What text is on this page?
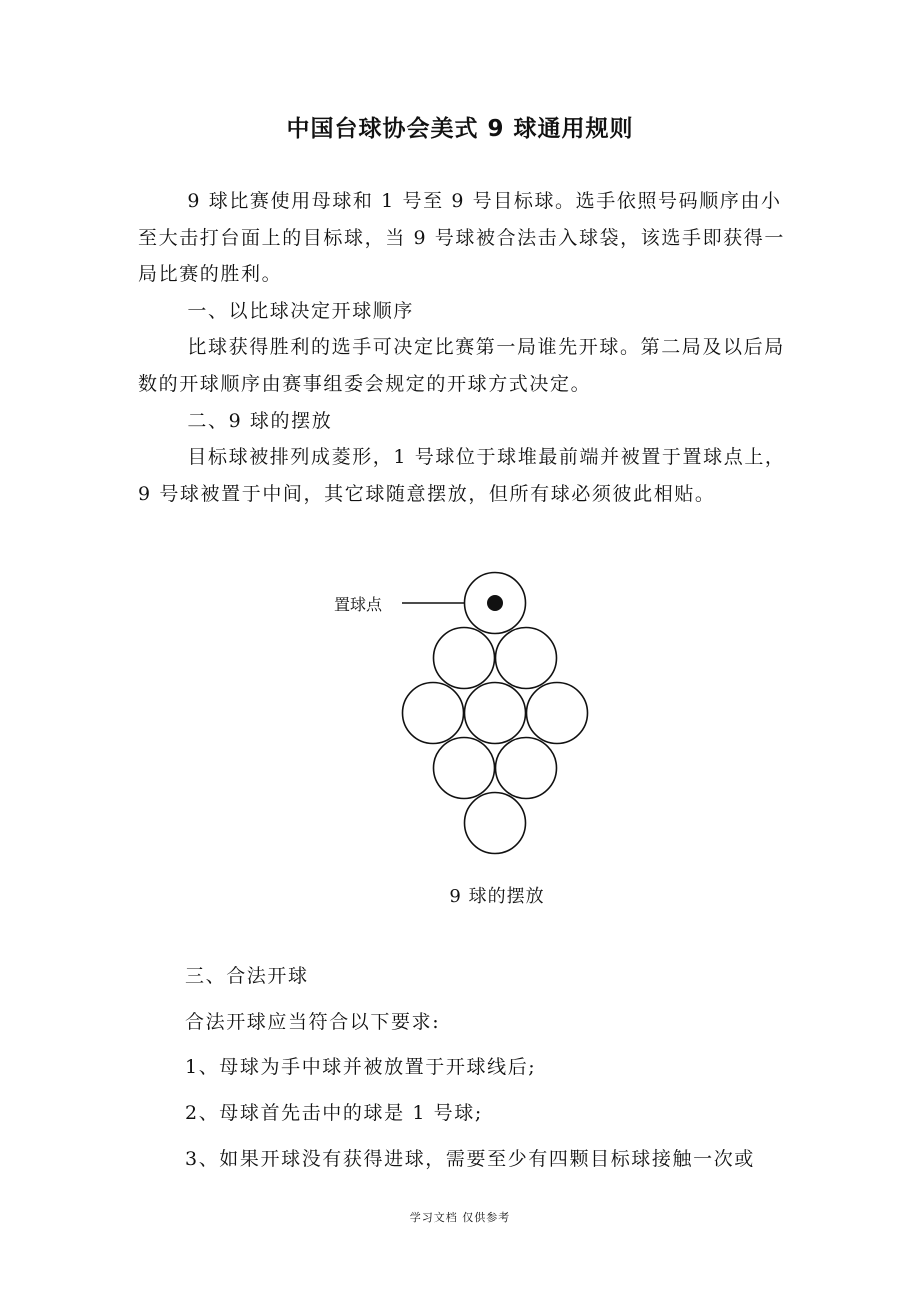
中国台球协会美式 9 球通用规则

9 球比赛使用母球和 1 号至 9 号目标球。选手依照号码顺序由小至大击打台面上的目标球，当 9 号球被合法击入球袋，该选手即获得一局比赛的胜利。

一、以比球决定开球顺序

比球获得胜利的选手可决定比赛第一局谁先开球。第二局及以后局数的开球顺序由赛事组委会规定的开球方式决定。

二、9 球的摆放

目标球被排列成菱形，1 号球位于球堆最前端并被置于置球点上，9 号球被置于中间，其它球随意摆放，但所有球必须彼此相贴。

置球点

9 球的摆放

三、合法开球

合法开球应当符合以下要求:

1、母球为手中球并被放置于开球线后;

2、母球首先击中的球是 1 号球;

3、如果开球没有获得进球，需要至少有四颗目标球接触一次或

学习文档 仅供参考
